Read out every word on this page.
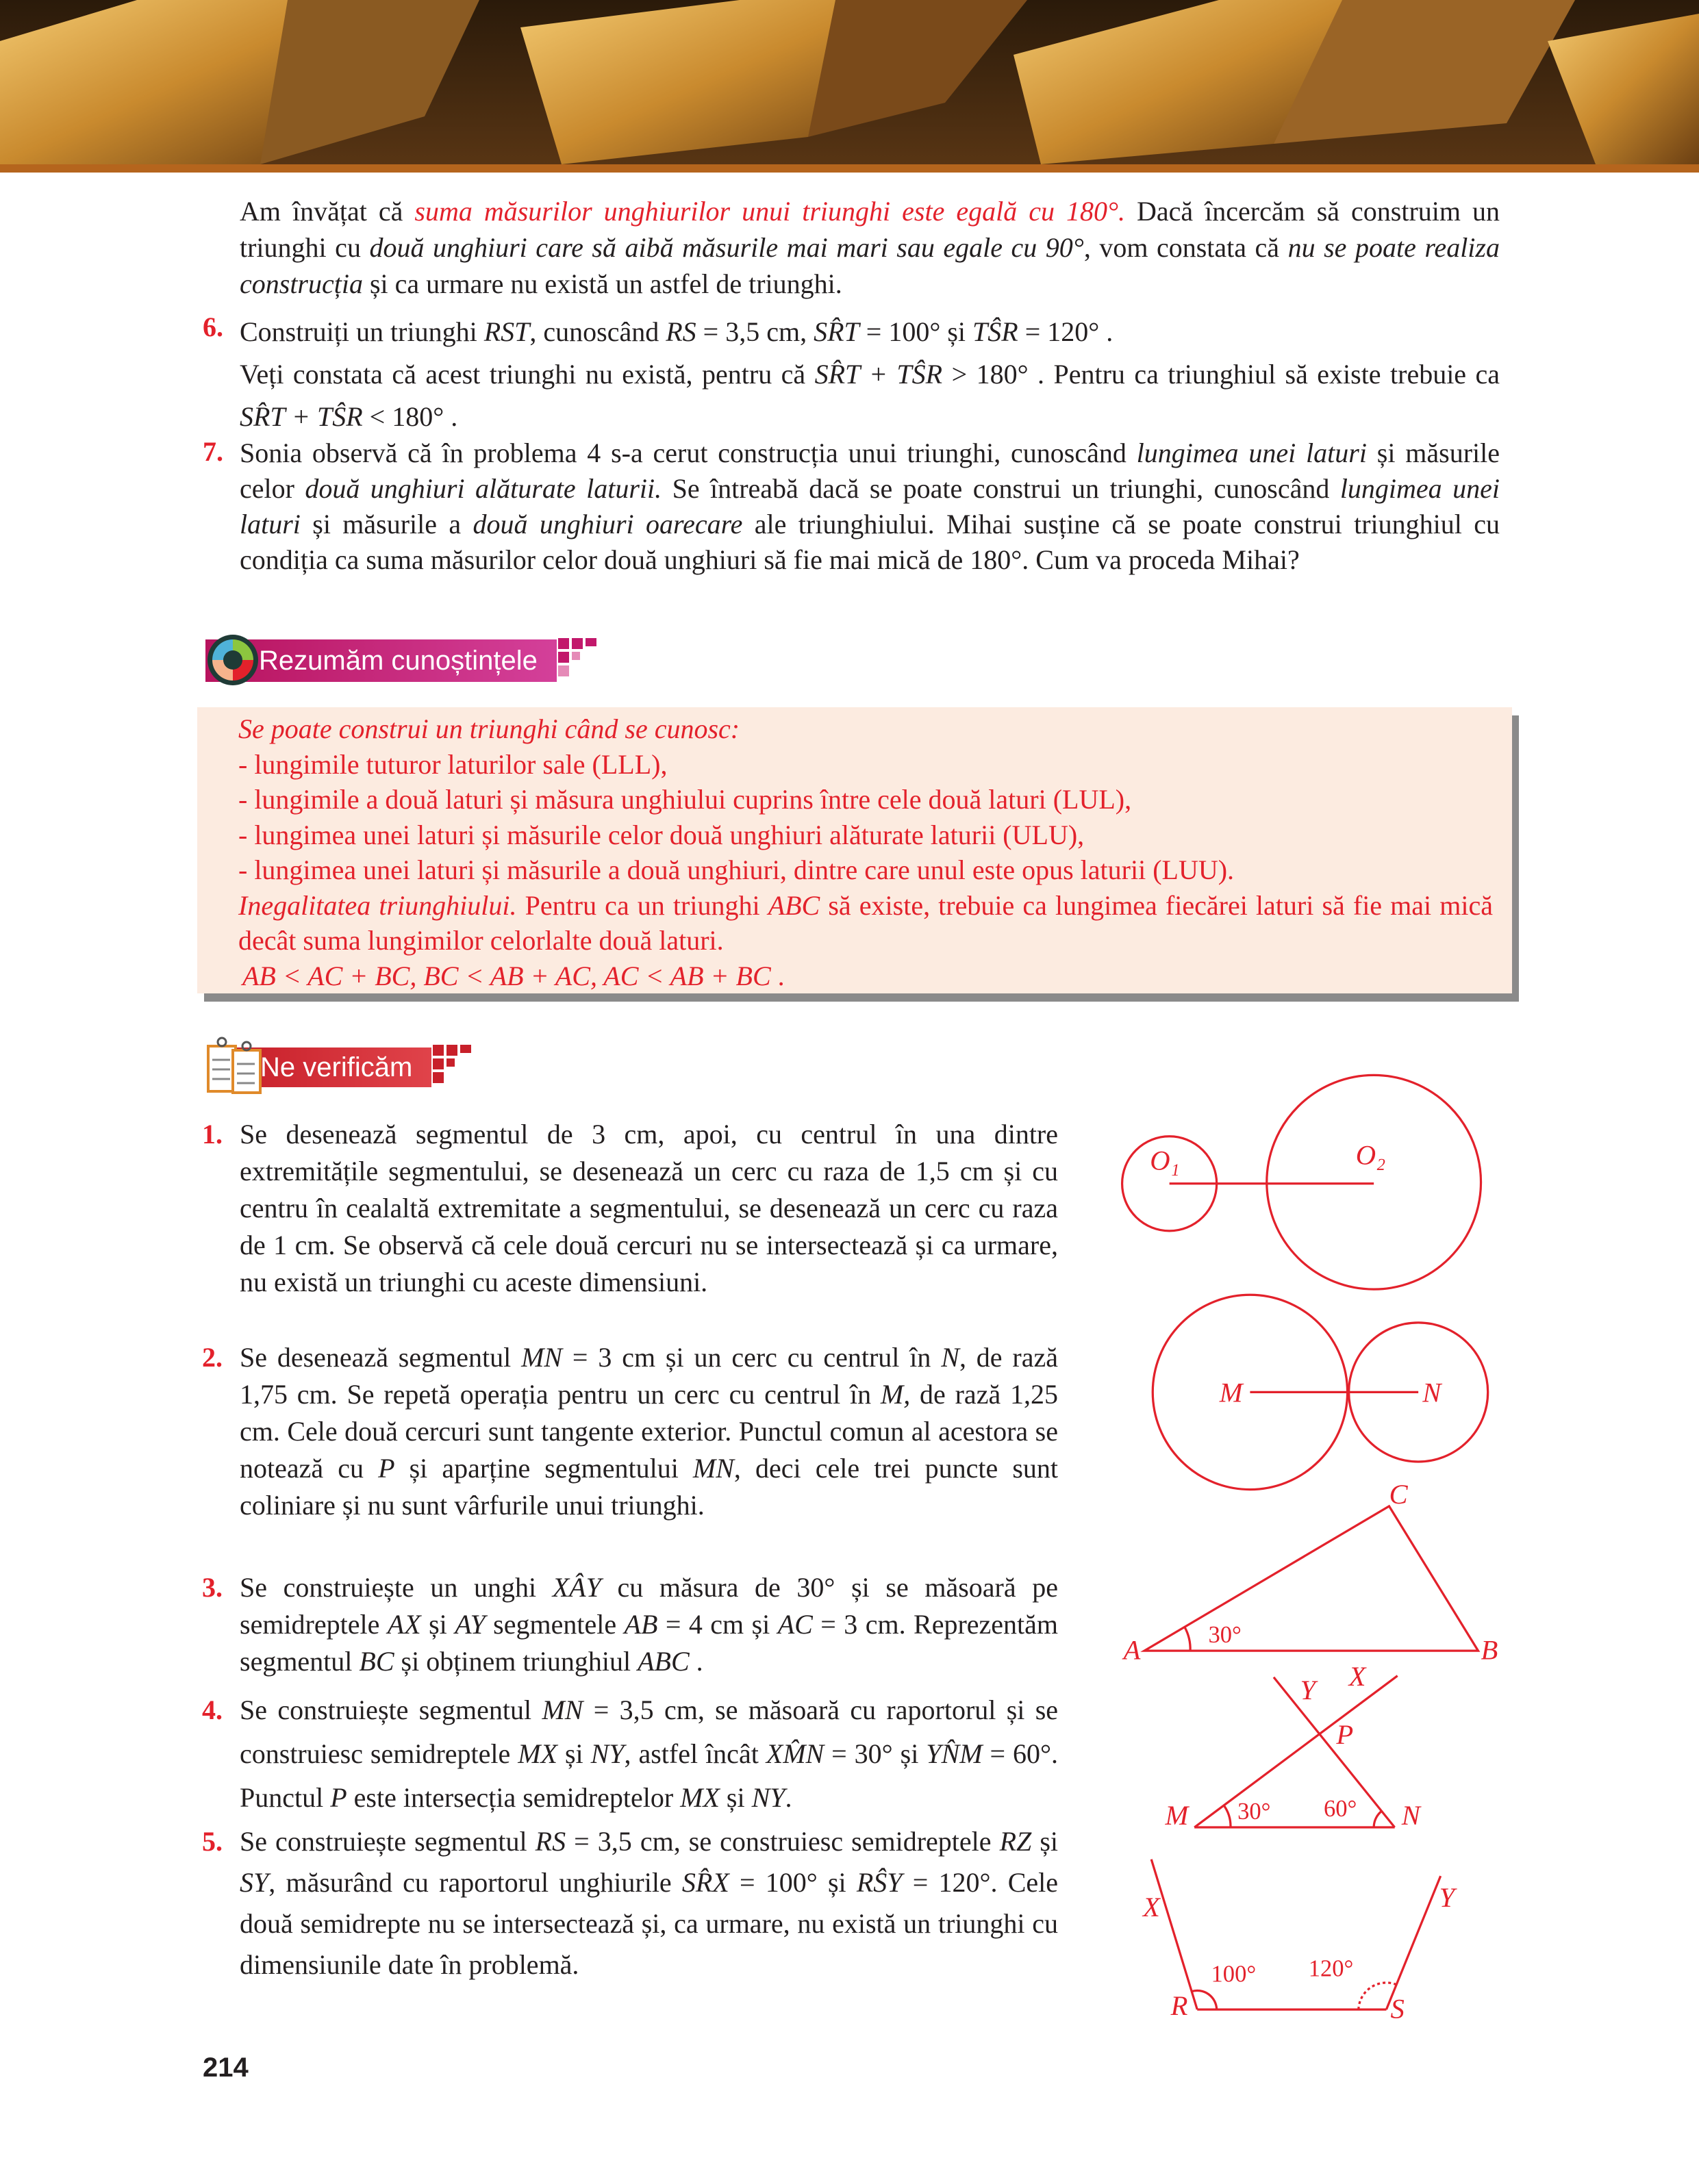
Am învățat că suma măsurilor unghiurilor unui triunghi este egală cu 180°. Dacă încercăm să construim un triunghi cu două unghiuri care să aibă măsurile mai mari sau egale cu 90°, vom constata că nu se poate realiza construcția și ca urmare nu există un astfel de triunghi.
6. Construiți un triunghi RST, cunoscând RS = 3,5 cm, SR̂T = 100° și TŜR = 120° .
Veți constata că acest triunghi nu există, pentru că SR̂T + TŜR > 180° . Pentru ca triunghiul să existe trebuie ca SR̂T + TŜR < 180° .
7. Sonia observă că în problema 4 s-a cerut construcția unui triunghi, cunoscând lungimea unei laturi și măsurile celor două unghiuri alăturate laturii. Se întreabă dacă se poate construi un triunghi, cunoscând lungimea unei laturi și măsurile a două unghiuri oarecare ale triunghiului. Mihai susține că se poate construi triunghiul cu condiția ca suma măsurilor celor două unghiuri să fie mai mică de 180°. Cum va proceda Mihai?
Rezumăm cunoștințele
Se poate construi un triunghi când se cunosc:
- lungimile tuturor laturilor sale (LLL),
- lungimile a două laturi și măsura unghiului cuprins între cele două laturi (LUL),
- lungimea unei laturi și măsurile celor două unghiuri alăturate laturii (ULU),
- lungimea unei laturi și măsurile a două unghiuri, dintre care unul este opus laturii (LUU).
Inegalitatea triunghiului. Pentru ca un triunghi ABC să existe, trebuie ca lungimea fiecărei laturi să fie mai mică decât suma lungimilor celorlalte două laturi.
AB < AC + BC, BC < AB + AC, AC < AB + BC .
Ne verificăm
1. Se desenează segmentul de 3 cm, apoi, cu centrul în una dintre extremitățile segmentului, se desenează un cerc cu raza de 1,5 cm și cu centru în cealaltă extremitate a segmentului, se desenează un cerc cu raza de 1 cm. Se observă că cele două cercuri nu se intersectează și ca urmare, nu există un triunghi cu aceste dimensiuni.
2. Se desenează segmentul MN = 3 cm și un cerc cu centrul în N, de rază 1,75 cm. Se repetă operația pentru un cerc cu centrul în M, de rază 1,25 cm. Cele două cercuri sunt tangente exterior. Punctul comun al acestora se notează cu P și aparține segmentului MN, deci cele trei puncte sunt coliniare și nu sunt vârfurile unui triunghi.
3. Se construiește un unghi XÂY cu măsura de 30° și se măsoară pe semidreptele AX și AY segmentele AB = 4 cm și AC = 3 cm. Reprezentăm segmentul BC și obținem triunghiul ABC .
4. Se construiește segmentul MN = 3,5 cm, se măsoară cu raportorul și se construiesc semidreptele MX și NY, astfel încât XM̂N = 30° și YN̂M = 60°. Punctul P este intersecția semidreptelor MX și NY.
5. Se construiește segmentul RS = 3,5 cm, se construiesc semidreptele RZ și SY, măsurând cu raportorul unghiurile SR̂X = 100° și RŜY = 120°. Cele două semidrepte nu se intersectează și, ca urmare, nu există un triunghi cu dimensiunile date în problemă.
O₁	O₂
M	N
A	B
C
30°
M	N
P
X
Y
30°	60°
X	Y
R	S
100°	120°
214
